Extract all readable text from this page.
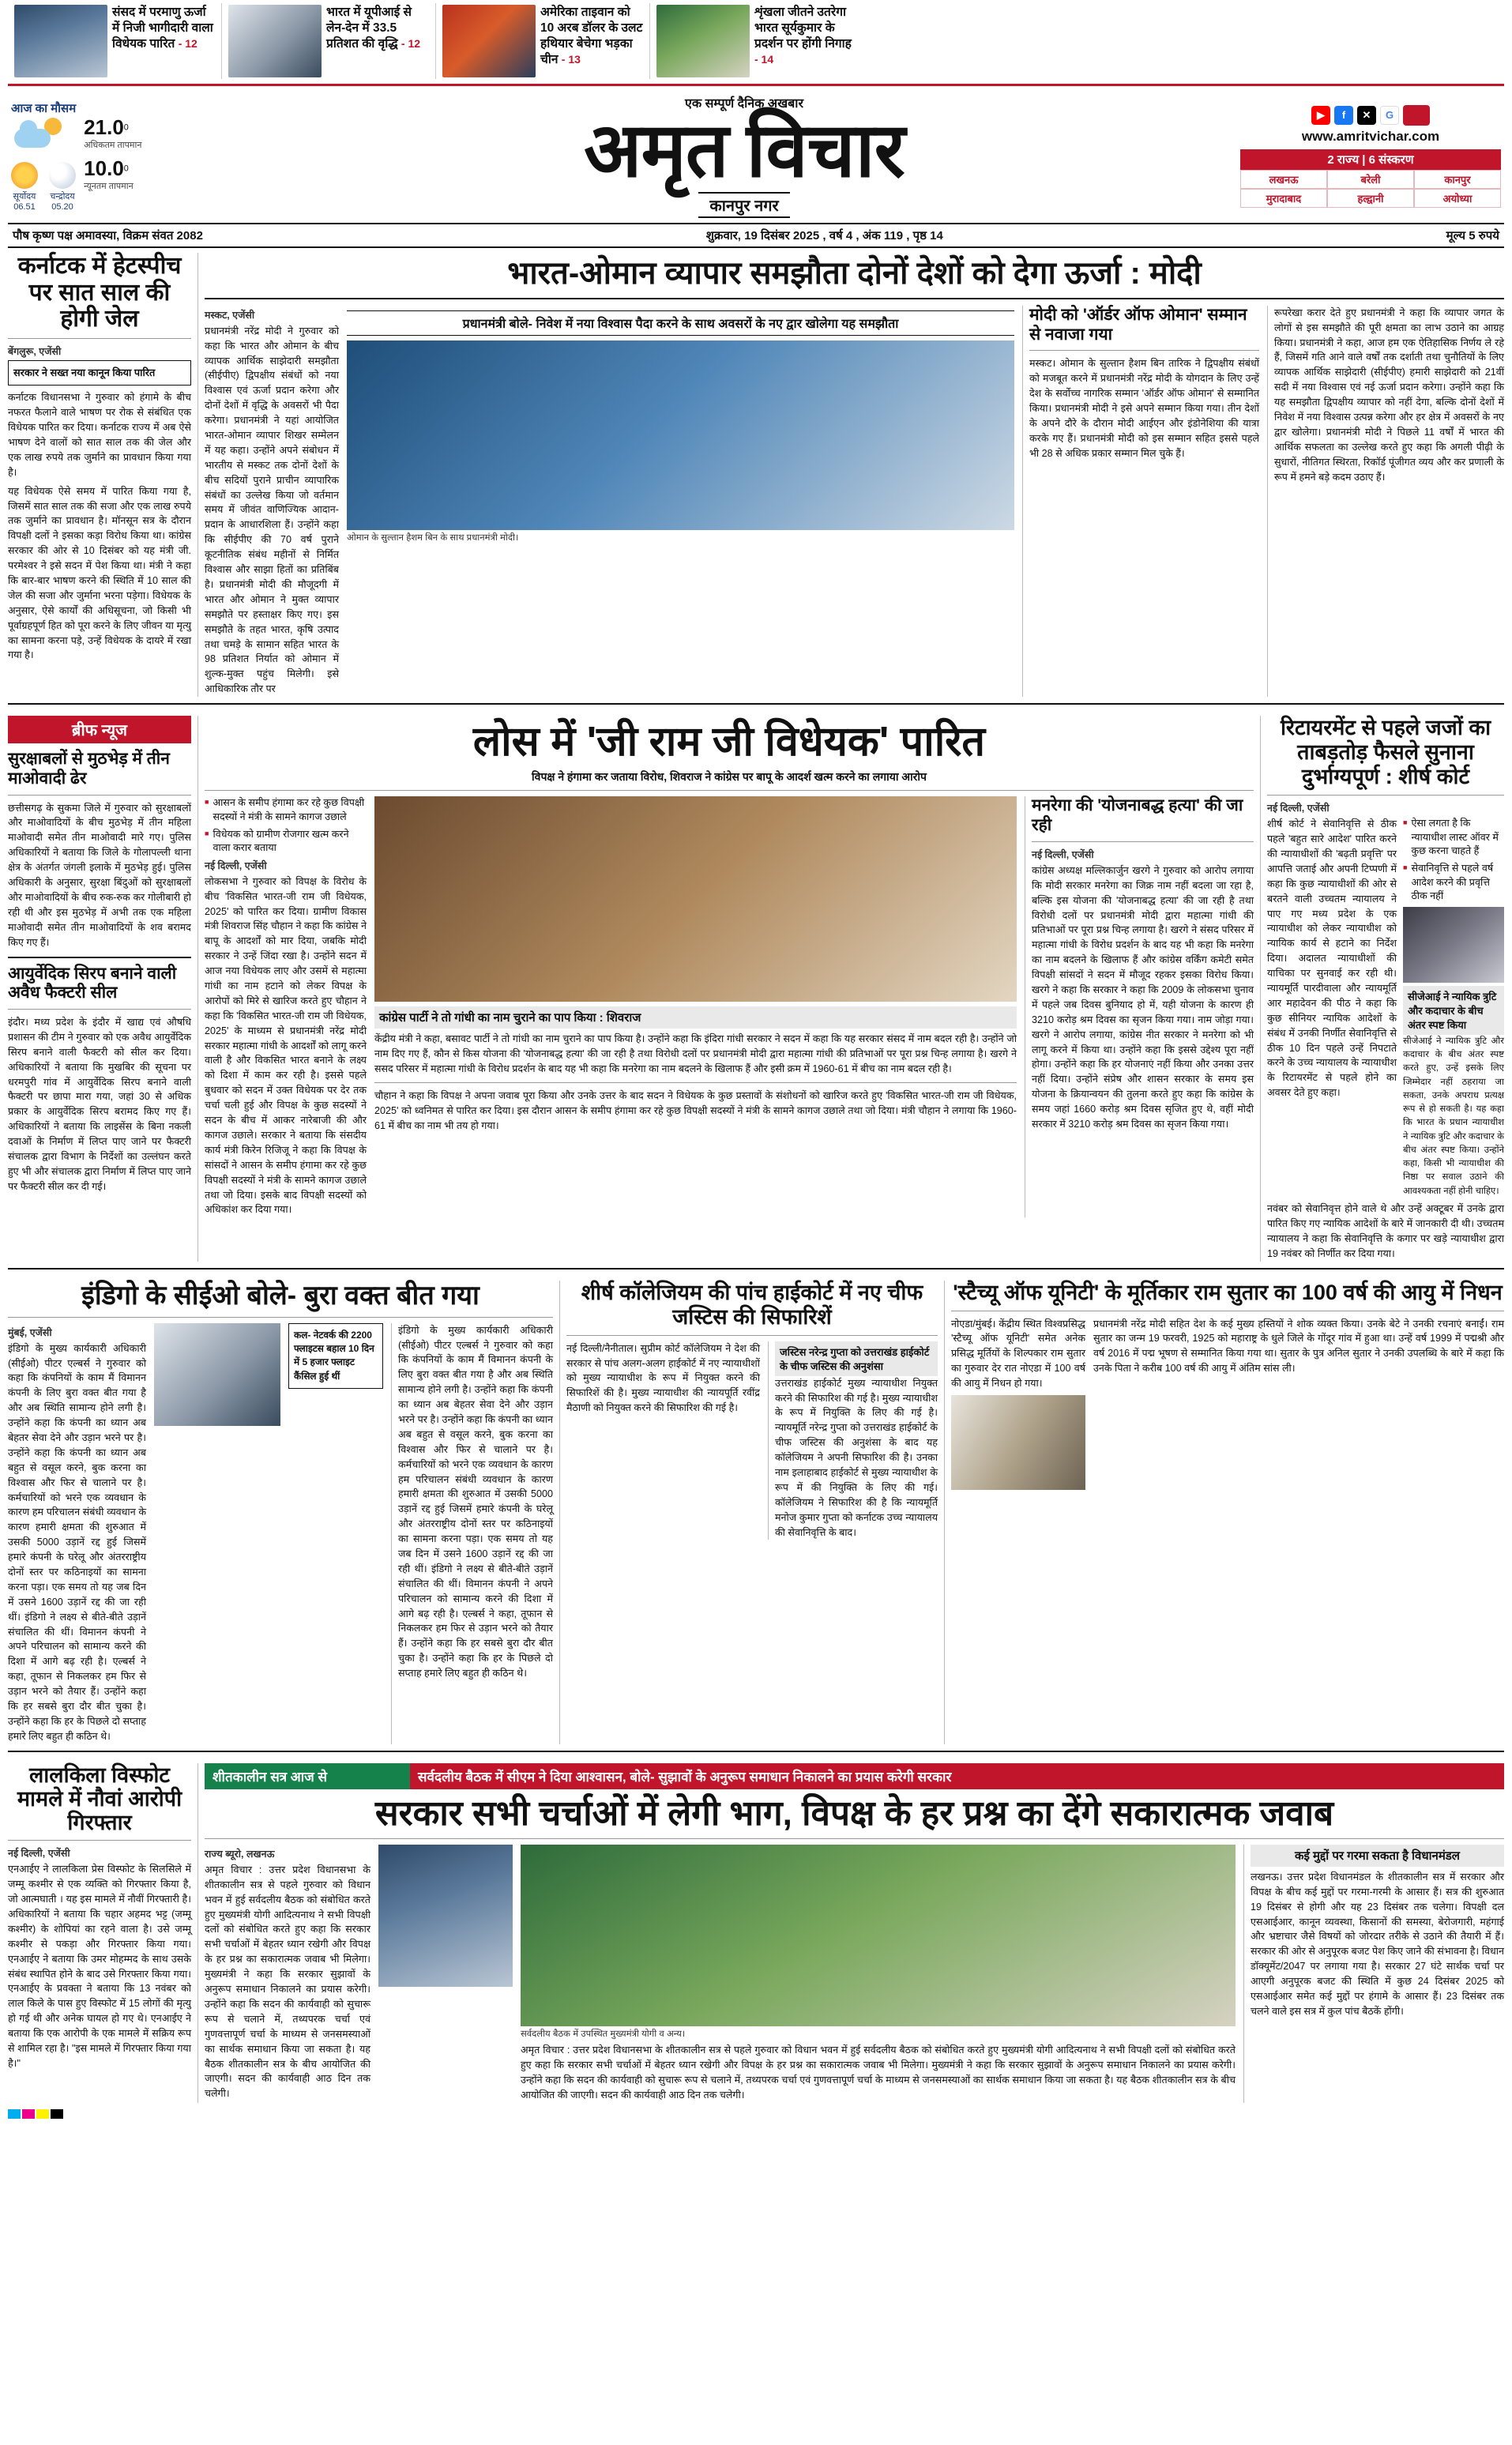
संसद में परमाणु ऊर्जा में निजी भागीदारी वाला विधेयक पारित - 12
भारत में यूपीआई से लेन-देन में 33.5 प्रतिशत की वृद्धि - 12
अमेरिका ताइवान को 10 अरब डॉलर के उलट हथियार बेचेगा भड़का चीन - 13
शृंखला जीतने उतरेगा भारत सूर्यकुमार के प्रदर्शन पर होंगी निगाह - 14
आज का मौसम
सूर्योदय
06.51
चन्द्रोदय
05.20
21.0$^0$
अधिकतम तापमान
10.0$^0$
न्यूनतम तापमान
एक सम्पूर्ण दैनिक अखबार
अमृत विचार
कानपुर नगर
▶	f	✕	G
www.amritvichar.com
2 राज्य | 6 संस्करण
लखनऊ	बरेली	कानपुर
मुरादाबाद	हल्द्वानी	अयोध्या
पौष कृष्ण पक्ष अमावस्या, विक्रम संवत 2082	शुक्रवार, 19 दिसंबर 2025 , वर्ष 4 , अंक 119 , पृष्ठ 14	मूल्य 5 रुपये
कर्नाटक में हेटस्पीच पर सात साल की होगी जेल
बेंगलुरू, एजेंसी
सरकार ने सख्त नया कानून किया पारित

कर्नाटक विधानसभा ने गुरुवार को हंगामे के बीच नफरत फैलाने वाले भाषण पर रोक से संबंधित एक विधेयक पारित कर दिया। कर्नाटक राज्य में अब ऐसे भाषण देने वालों को सात साल तक की जेल और एक लाख रुपये तक जुर्माने का प्रावधान किया गया है।

यह विधेयक ऐसे समय में पारित किया गया है, जिसमें सात साल तक की सजा और एक लाख रुपये तक जुर्माने का प्रावधान है। मॉनसून सत्र के दौरान विपक्षी दलों ने इसका कड़ा विरोध किया था। कांग्रेस सरकार की ओर से 10 दिसंबर को यह मंत्री जी. परमेश्वर ने इसे सदन में पेश किया था। मंत्री ने कहा कि बार-बार भाषण करने की स्थिति में 10 साल की जेल की सजा और जुर्माना भरना पड़ेगा। विधेयक के अनुसार, ऐसे कार्यों की अधिसूचना, जो किसी भी पूर्वाग्रहपूर्ण हित को पूरा करने के लिए जीवन या मृत्यु का सामना करना पड़े, उन्हें विधेयक के दायरे में रखा गया है।

भारत-ओमान व्यापार समझौता दोनों देशों को देगा ऊर्जा : मोदी
मस्कट, एजेंसी

प्रधानमंत्री नरेंद्र मोदी ने गुरुवार को कहा कि भारत और ओमान के बीच व्यापक आर्थिक साझेदारी समझौता (सीईपीए) द्विपक्षीय संबंधों को नया विश्वास एवं ऊर्जा प्रदान करेगा और दोनों देशों में वृद्धि के अवसरों भी पैदा करेगा। प्रधानमंत्री ने यहां आयोजित भारत-ओमान व्यापार शिखर सम्मेलन में यह कहा। उन्होंने अपने संबोधन में भारतीय से मस्कट तक दोनों देशों के बीच सदियों पुराने प्राचीन व्यापारिक संबंधों का उल्लेख किया जो वर्तमान समय में जीवंत वाणिज्यिक आदान-प्रदान के आधारशिला हैं। उन्होंने कहा कि सीईपीए की 70 वर्ष पुराने कूटनीतिक संबंध महीनों से निर्मित विश्वास और साझा हितों का प्रतिबिंब है। प्रधानमंत्री मोदी की मौजूदगी में भारत और ओमान ने मुक्त व्यापार समझौते पर हस्ताक्षर किए गए। इस समझौते के तहत भारत, कृषि उत्पाद तथा चमड़े के सामान सहित भारत के 98 प्रतिशत निर्यात को ओमान में शुल्क-मुक्त पहुंच मिलेगी। इसे आधिकारिक तौर पर

प्रधानमंत्री बोले- निवेश में नया विश्वास पैदा करने के साथ अवसरों के नए द्वार खोलेगा यह समझौता
ओमान के सुल्तान हैशम बिन के साथ प्रधानमंत्री मोदी।
मोदी को 'ऑर्डर ऑफ ओमान' सम्मान से नवाजा गया

मस्कट। ओमान के सुल्तान हैशम बिन तारिक ने द्विपक्षीय संबंधों को मजबूत करने में प्रधानमंत्री नरेंद्र मोदी के योगदान के लिए उन्हें देश के सर्वोच्च नागरिक सम्मान 'ऑर्डर ऑफ ओमान' से सम्मानित किया। प्रधानमंत्री मोदी ने इसे अपने सम्मान किया गया। तीन देशों के अपने दौरे के दौरान मोदी आईएन और इंडोनेशिया की यात्रा करके गए हैं। प्रधानमंत्री मोदी को इस सम्मान सहित इससे पहले भी 28 से अधिक प्रकार सम्मान मिल चुके हैं।

रूपरेखा करार देते हुए प्रधानमंत्री ने कहा कि व्यापार जगत के लोगों से इस समझौते की पूरी क्षमता का लाभ उठाने का आग्रह किया। प्रधानमंत्री ने कहा, आज हम एक ऐतिहासिक निर्णय ले रहे हैं, जिसमें गति आने वाले वर्षों तक दर्शाती तथा चुनौतियों के लिए व्यापक आर्थिक साझेदारी (सीईपीए) हमारी साझेदारी को 21वीं सदी में नया विश्वास एवं नई ऊर्जा प्रदान करेगा। उन्होंने कहा कि यह समझौता द्विपक्षीय व्यापार को नहीं देगा, बल्कि दोनों देशों में निवेश में नया विश्वास उत्पन्न करेगा और हर क्षेत्र में अवसरों के नए द्वार खोलेगा। प्रधानमंत्री मोदी ने पिछले 11 वर्षों में भारत की आर्थिक सफलता का उल्लेख करते हुए कहा कि अगली पीढ़ी के सुधारों, नीतिगत स्थिरता, रिकॉर्ड पूंजीगत व्यय और कर प्रणाली के रूप में हमने बड़े कदम उठाए हैं।

ब्रीफ न्यूज
सुरक्षाबलों से मुठभेड़ में तीन माओवादी ढेर

छत्तीसगढ़ के सुकमा जिले में गुरुवार को सुरक्षाबलों और माओवादियों के बीच मुठभेड़ में तीन महिला माओवादी समेत तीन माओवादी मारे गए। पुलिस अधिकारियों ने बताया कि जिले के गोलापल्ली थाना क्षेत्र के अंतर्गत जंगली इलाके में मुठभेड़ हुई। पुलिस अधिकारी के अनुसार, सुरक्षा बिंदुओं को सुरक्षाबलों और माओवादियों के बीच रुक-रुक कर गोलीबारी हो रही थी और इस मुठभेड़ में अभी तक एक महिला माओवादी समेत तीन माओवादियों के शव बरामद किए गए हैं।

आयुर्वेदिक सिरप बनाने वाली अवैध फैक्टरी सील

इंदौर। मध्य प्रदेश के इंदौर में खाद्य एवं औषधि प्रशासन की टीम ने गुरुवार को एक अवैध आयुर्वेदिक सिरप बनाने वाली फैक्टरी को सील कर दिया। अधिकारियों ने बताया कि मुखबिर की सूचना पर धरमपुरी गांव में आयुर्वेदिक सिरप बनाने वाली फैक्टरी पर छापा मारा गया, जहां 30 से अधिक प्रकार के आयुर्वेदिक सिरप बरामद किए गए हैं। अधिकारियों ने बताया कि लाइसेंस के बिना नकली दवाओं के निर्माण में लिप्त पाए जाने पर फैक्टरी संचालक द्वारा विभाग के निर्देशों का उल्लंघन करते हुए भी और संचालक द्वारा निर्माण में लिप्त पाए जाने पर फैक्टरी सील कर दी गई।

लोस में 'जी राम जी विधेयक' पारित
विपक्ष ने हंगामा कर जताया विरोध, शिवराज ने कांग्रेस पर बापू के आदर्श खत्म करने का लगाया आरोप
■ आसन के समीप हंगामा कर रहे कुछ विपक्षी सदस्यों ने मंत्री के सामने कागज उछाले
■ विधेयक को ग्रामीण रोजगार खत्म करने वाला करार बताया
नई दिल्ली, एजेंसी

लोकसभा ने गुरुवार को विपक्ष के विरोध के बीच 'विकसित भारत-जी राम जी विधेयक, 2025' को पारित कर दिया। ग्रामीण विकास मंत्री शिवराज सिंह चौहान ने कहा कि कांग्रेस ने बापू के आदर्शों को मार दिया, जबकि मोदी सरकार ने उन्हें जिंदा रखा है। उन्होंने सदन में आज नया विधेयक लाए और उसमें से महात्मा गांधी का नाम हटाने को लेकर विपक्ष के आरोपों को मिरे से खारिज करते हुए चौहान ने कहा कि 'विकसित भारत-जी राम जी विधेयक, 2025' के माध्यम से प्रधानमंत्री नरेंद्र मोदी सरकार महात्मा गांधी के आदर्शों को लागू करने वाली है और विकसित भारत बनाने के लक्ष्य को दिशा में काम कर रही है। इससे पहले बुधवार को सदन में उक्त विधेयक पर देर तक चर्चा चली हुई और विपक्ष के कुछ सदस्यों ने सदन के बीच में आकर नारेबाजी की और कागज उछाले। सरकार ने बताया कि संसदीय कार्य मंत्री किरेन रिजिजू ने कहा कि विपक्ष के सांसदों ने आसन के समीप हंगामा कर रहे कुछ विपक्षी सदस्यों ने मंत्री के सामने कागज उछाले तथा जो दिया। इसके बाद विपक्षी सदस्यों को अधिकांश कर दिया गया।

कांग्रेस पार्टी ने तो गांधी का नाम चुराने का पाप किया : शिवराज

केंद्रीय मंत्री ने कहा, बसावट पार्टी ने तो गांधी का नाम चुराने का पाप किया है। उन्होंने कहा कि इंदिरा गांधी सरकार ने सदन में कहा कि यह सरकार संसद में नाम बदल रही है। उन्होंने जो नाम दिए गए हैं, कौन से किस योजना की 'योजनाबद्ध हत्या' की जा रही है तथा विरोधी दलों पर प्रधानमंत्री मोदी द्वारा महात्मा गांधी की प्रतिभाओं पर पूरा प्रश्न चिन्ह लगाया है। खरगे ने ससद परिसर में महात्मा गांधी के विरोध प्रदर्शन के बाद यह भी कहा कि मनरेगा का नाम बदलने के खिलाफ हैं और इसी क्रम में 1960-61 में बीच का नाम बदल रही है।

चौहान ने कहा कि विपक्ष ने अपना जवाब पूरा किया और उनके उत्तर के बाद सदन ने विधेयक के कुछ प्रस्तावों के संशोधनों को खारिज करते हुए 'विकसित भारत-जी राम जी विधेयक, 2025' को ध्वनिमत से पारित कर दिया। इस दौरान आसन के समीप हंगामा कर रहे कुछ विपक्षी सदस्यों ने मंत्री के सामने कागज उछाले तथा जो दिया। मंत्री चौहान ने लगाया कि 1960-61 में बीच का नाम भी तय हो गया।

मनरेगा की 'योजनाबद्ध हत्या' की जा रही
नई दिल्ली, एजेंसी

कांग्रेस अध्यक्ष मल्लिकार्जुन खरगे ने गुरुवार को आरोप लगाया कि मोदी सरकार मनरेगा का जिक्र नाम नहीं बदला जा रहा है, बल्कि इस योजना की 'योजनाबद्ध हत्या' की जा रही है तथा विरोधी दलों पर प्रधानमंत्री मोदी द्वारा महात्मा गांधी की प्रतिभाओं पर पूरा प्रश्न चिन्ह लगाया है। खरगे ने संसद परिसर में महात्मा गांधी के विरोध प्रदर्शन के बाद यह भी कहा कि मनरेगा का नाम बदलने के खिलाफ हैं और कांग्रेस वर्किंग कमेटी समेत विपक्षी सांसदों ने सदन में मौजूद रहकर इसका विरोध किया। खरगे ने कहा कि सरकार ने कहा कि 2009 के लोकसभा चुनाव में पहले जब दिवस बुनियाद हो में, यही योजना के कारण ही 3210 करोड़ श्रम दिवस का सृजन किया गया। नाम जोड़ा गया। खरगे ने आरोप लगाया, कांग्रेस नीत सरकार ने मनरेगा को भी लागू करने में किया था। उन्होंने कहा कि इससे उद्देश्य पूरा नहीं होगा। उन्होंने कहा कि हर योजनाएं नहीं किया और उनका उत्तर नहीं दिया। उन्होंने संप्रेष और शासन सरकार के समय इस योजना के क्रियान्वयन की तुलना करते हुए कहा कि कांग्रेस के समय जहां 1660 करोड़ श्रम दिवस सृजित हुए थे, वहीं मोदी सरकार में 3210 करोड़ श्रम दिवस का सृजन किया गया।

रिटायरमेंट से पहले जजों का ताबड़तोड़ फैसले सुनाना दुर्भाग्यपूर्ण : शीर्ष कोर्ट
नई दिल्ली, एजेंसी

शीर्ष कोर्ट ने सेवानिवृत्ति से ठीक पहले 'बहुत सारे आदेश' पारित करने की न्यायाधीशों की 'बढ़ती प्रवृत्ति' पर आपत्ति जताई और अपनी टिप्पणी में कहा कि कुछ न्यायाधीशों की ओर से बरतने वाली उच्चतम न्यायालय ने पाए गए मध्य प्रदेश के एक न्यायाधीश को लेकर न्यायाधीश को न्यायिक कार्य से हटाने का निर्देश दिया। अदालत न्यायाधीशों की याचिका पर सुनवाई कर रही थी। न्यायमूर्ति पारदीवाला और न्यायमूर्ति आर महादेवन की पीठ ने कहा कि कुछ सीनियर न्यायिक आदेशों के संबंध में उनकी निर्णीत सेवानिवृत्ति से ठीक 10 दिन पहले उन्हें निपटाते करने के उच्च न्यायालय के न्यायाधीश के रिटायरमेंट से पहले होने का अवसर देते हुए कहा।

■ ऐसा लगता है कि न्यायाधीश लास्ट ऑवर में कुछ करना चाहते हैं
■ सेवानिवृत्ति से पहले वर्ष आदेश करने की प्रवृत्ति ठीक नहीं
सीजेआई ने न्यायिक त्रुटि और कदाचार के बीच अंतर स्पष्ट किया

सीजेआई ने न्यायिक त्रुटि और कदाचार के बीच अंतर स्पष्ट करते हुए, उन्हें इसके लिए जिम्मेदार नहीं ठहराया जा सकता, उनके अपराध प्रत्यक्ष रूप से हो सकती है। यह कहा कि भारत के प्रधान न्यायाधीश ने न्यायिक त्रुटि और कदाचार के बीच अंतर स्पष्ट किया। उन्होंने कहा, किसी भी न्यायाधीश की निष्ठा पर सवाल उठाने की आवश्यकता नहीं होनी चाहिए।

नवंबर को सेवानिवृत्त होने वाले थे और उन्हें अक्टूबर में उनके द्वारा पारित किए गए न्यायिक आदेशों के बारे में जानकारी दी थी। उच्चतम न्यायालय ने कहा कि सेवानिवृत्ति के कगार पर खड़े न्यायाधीश द्वारा 19 नवंबर को निर्णीत कर दिया गया।

इंडिगो के सीईओ बोले- बुरा वक्त बीत गया
मुंबई, एजेंसी

इंडिगो के मुख्य कार्यकारी अधिकारी (सीईओ) पीटर एल्बर्स ने गुरुवार को कहा कि कंपनियों के काम मैं विमानन कंपनी के लिए बुरा वक्त बीत गया है और अब स्थिति सामान्य होने लगी है। उन्होंने कहा कि कंपनी का ध्यान अब बेहतर सेवा देने और उड़ान भरने पर है। उन्होंने कहा कि कंपनी का ध्यान अब बहुत से वसूल करने, बुक करना का विश्वास और फिर से चालाने पर है। कर्मचारियों को भरने एक व्यवधान के कारण हम परिचालन संबंधी व्यवधान के कारण हमारी क्षमता की शुरुआत में उसकी 5000 उड़ानें रद्द हुई जिसमें हमारे कंपनी के घरेलू और अंतरराष्ट्रीय दोनों स्तर पर कठिनाइयों का सामना करना पड़ा। एक समय तो यह जब दिन में उसने 1600 उड़ानें रद्द की जा रही थीं। इंडिगो ने लक्ष्य से बीते-बीते उड़ानें संचालित की थीं। विमानन कंपनी ने अपने परिचालन को सामान्य करने की दिशा में आगे बढ़ रही है। एल्बर्स ने कहा, तूफान से निकलकर हम फिर से उड़ान भरने को तैयार हैं। उन्होंने कहा कि हर सबसे बुरा दौर बीत चुका है। उन्होंने कहा कि हर के पिछले दो सप्ताह हमारे लिए बहुत ही कठिन थे।

कल- नेटवर्क की 2200 फ्लाइटस बहाल 10 दिन में 5 हजार फ्लाइट कैंसिल हुई थीं

इंडिगो के मुख्य कार्यकारी अधिकारी (सीईओ) पीटर एल्बर्स ने गुरुवार को कहा कि कंपनियों के काम मैं विमानन कंपनी के लिए बुरा वक्त बीत गया है और अब स्थिति सामान्य होने लगी है। उन्होंने कहा कि कंपनी का ध्यान अब बेहतर सेवा देने और उड़ान भरने पर है। उन्होंने कहा कि कंपनी का ध्यान अब बहुत से वसूल करने, बुक करना का विश्वास और फिर से चालाने पर है। कर्मचारियों को भरने एक व्यवधान के कारण हम परिचालन संबंधी व्यवधान के कारण हमारी क्षमता की शुरुआत में उसकी 5000 उड़ानें रद्द हुई जिसमें हमारे कंपनी के घरेलू और अंतरराष्ट्रीय दोनों स्तर पर कठिनाइयों का सामना करना पड़ा। एक समय तो यह जब दिन में उसने 1600 उड़ानें रद्द की जा रही थीं। इंडिगो ने लक्ष्य से बीते-बीते उड़ानें संचालित की थीं। विमानन कंपनी ने अपने परिचालन को सामान्य करने की दिशा में आगे बढ़ रही है। एल्बर्स ने कहा, तूफान से निकलकर हम फिर से उड़ान भरने को तैयार हैं। उन्होंने कहा कि हर सबसे बुरा दौर बीत चुका है। उन्होंने कहा कि हर के पिछले दो सप्ताह हमारे लिए बहुत ही कठिन थे।

शीर्ष कॉलेजियम की पांच हाईकोर्ट में नए चीफ जस्टिस की सिफारिशें

नई दिल्ली/नैनीताल। सुप्रीम कोर्ट कॉलेजियम ने देश की सरकार से पांच अलग-अलग हाईकोर्ट में नए न्यायाधीशों को मुख्य न्यायाधीश के रूप में नियुक्त करने की सिफारिशें की है। मुख्य न्यायाधीश की न्यायपूर्ति रवींद्र मैठाणी को नियुक्त करने की सिफारिश की गई है।

जस्टिस नरेन्द्र गुप्ता को उत्तराखंड हाईकोर्ट के चीफ जस्टिस की अनुशंसा

उत्तराखंड हाईकोर्ट मुख्य न्यायाधीश नियुक्त करने की सिफारिश की गई है। मुख्य न्यायाधीश के रूप में नियुक्ति के लिए की गई है। न्यायमूर्ति नरेन्द्र गुप्ता को उत्तराखंड हाईकोर्ट के चीफ जस्टिस की अनुशंसा के बाद यह कॉलेजियम ने अपनी सिफारिश की है। उनका नाम इलाहाबाद हाईकोर्ट से मुख्य न्यायाधीश के रूप में की नियुक्ति के लिए की गई। कॉलेजियम ने सिफारिश की है कि न्यायमूर्ति मनोज कुमार गुप्ता को कर्नाटक उच्च न्यायालय की सेवानिवृत्ति के बाद।

'स्टैच्यू ऑफ यूनिटी' के मूर्तिकार राम सुतार का 100 वर्ष की आयु में निधन

नोएडा/मुंबई। केंद्रीय स्थित विश्वप्रसिद्ध 'स्टैच्यू ऑफ यूनिटी' समेत अनेक प्रसिद्ध मूर्तियों के शिल्पकार राम सुतार का गुरुवार देर रात नोएडा में 100 वर्ष की आयु में निधन हो गया।

प्रधानमंत्री नरेंद्र मोदी सहित देश के कई मुख्य हस्तियों ने शोक व्यक्त किया। उनके बेटे ने उनकी रचनाएं बनाईं। राम सुतार का जन्म 19 फरवरी, 1925 को महाराष्ट्र के धुले जिले के गोंदूर गांव में हुआ था। उन्हें वर्ष 1999 में पद्मश्री और वर्ष 2016 में पद्म भूषण से सम्मानित किया गया था। सुतार के पुत्र अनिल सुतार ने उनकी उपलब्धि के बारे में कहा कि उनके पिता ने करीब 100 वर्ष की आयु में अंतिम सांस ली।

लालकिला विस्फोट मामले में नौवां आरोपी गिरफ्तार
नई दिल्ली, एजेंसी

एनआईए ने लालकिला प्रेस विस्फोट के सिलसिले में जम्मू कश्मीर से एक व्यक्ति को गिरफ्तार किया है, जो आत्मघाती । यह इस मामले में नौवीं गिरफ्तारी है। अधिकारियों ने बताया कि चहार अहमद भट्ट (जम्मू कश्मीर) के शोपियां का रहने वाला है। उसे जम्मू कश्मीर से पकड़ा और गिरफ्तार किया गया। एनआईए ने बताया कि उमर मोहम्मद के साथ उसके संबंध स्थापित होने के बाद उसे गिरफ्तार किया गया। एनआईए के प्रवक्ता ने बताया कि 13 नवंबर को लाल किले के पास हुए विस्फोट में 15 लोगों की मृत्यु हो गई थी और अनेक घायल हो गए थे। एनआईए ने बताया कि एक आरोपी के एक मामले में सक्रिय रूप से शामिल रहा है। "इस मामले में गिरफ्तार किया गया है।"

शीतकालीन सत्र आज से	सर्वदलीय बैठक में सीएम ने दिया आश्वासन, बोले- सुझावों के अनुरूप समाधान निकालने का प्रयास करेगी सरकार
सरकार सभी चर्चाओं में लेगी भाग, विपक्ष के हर प्रश्न का देंगे सकारात्मक जवाब
राज्य ब्यूरो, लखनऊ

अमृत विचार : उत्तर प्रदेश विधानसभा के शीतकालीन सत्र से पहले गुरुवार को विधान भवन में हुई सर्वदलीय बैठक को संबोधित करते हुए मुख्यमंत्री योगी आदित्यनाथ ने सभी विपक्षी दलों को संबोधित करते हुए कहा कि सरकार सभी चर्चाओं में बेहतर ध्यान रखेगी और विपक्ष के हर प्रश्न का सकारात्मक जवाब भी मिलेगा। मुख्यमंत्री ने कहा कि सरकार सुझावों के अनुरूप समाधान निकालने का प्रयास करेगी। उन्होंने कहा कि सदन की कार्यवाही को सुचारू रूप से चलाने में, तथ्यपरक चर्चा एवं गुणवत्तापूर्ण चर्चा के माध्यम से जनसमस्याओं का सार्थक समाधान किया जा सकता है। यह बैठक शीतकालीन सत्र के बीच आयोजित की जाएगी। सदन की कार्यवाही आठ दिन तक चलेगी।

सर्वदलीय बैठक में उपस्थित मुख्यमंत्री योगी व अन्य।

अमृत विचार : उत्तर प्रदेश विधानसभा के शीतकालीन सत्र से पहले गुरुवार को विधान भवन में हुई सर्वदलीय बैठक को संबोधित करते हुए मुख्यमंत्री योगी आदित्यनाथ ने सभी विपक्षी दलों को संबोधित करते हुए कहा कि सरकार सभी चर्चाओं में बेहतर ध्यान रखेगी और विपक्ष के हर प्रश्न का सकारात्मक जवाब भी मिलेगा। मुख्यमंत्री ने कहा कि सरकार सुझावों के अनुरूप समाधान निकालने का प्रयास करेगी। उन्होंने कहा कि सदन की कार्यवाही को सुचारू रूप से चलाने में, तथ्यपरक चर्चा एवं गुणवत्तापूर्ण चर्चा के माध्यम से जनसमस्याओं का सार्थक समाधान किया जा सकता है। यह बैठक शीतकालीन सत्र के बीच आयोजित की जाएगी। सदन की कार्यवाही आठ दिन तक चलेगी।

कई मुद्दों पर गरमा सकता है विधानमंडल

लखनऊ। उत्तर प्रदेश विधानमंडल के शीतकालीन सत्र में सरकार और विपक्ष के बीच कई मुद्दों पर गरमा-गरमी के आसार हैं। सत्र की शुरुआत 19 दिसंबर से होगी और यह 23 दिसंबर तक चलेगा। विपक्षी दल एसआईआर, कानून व्यवस्था, किसानों की समस्या, बेरोजगारी, महंगाई और भ्रष्टाचार जैसे विषयों को जोरदार तरीके से उठाने की तैयारी में हैं। सरकार की ओर से अनुपूरक बजट पेश किए जाने की संभावना है। विधान डॉक्यूमेंट/2047 पर लगाया गया है। सरकार 27 घंटे सार्थक चर्चा पर आएगी अनुपूरक बजट की स्थिति में कुछ 24 दिसंबर 2025 को एसआईआर समेत कई मुद्दों पर हंगामे के आसार हैं। 23 दिसंबर तक चलने वाले इस सत्र में कुल पांच बैठकें होंगी।
